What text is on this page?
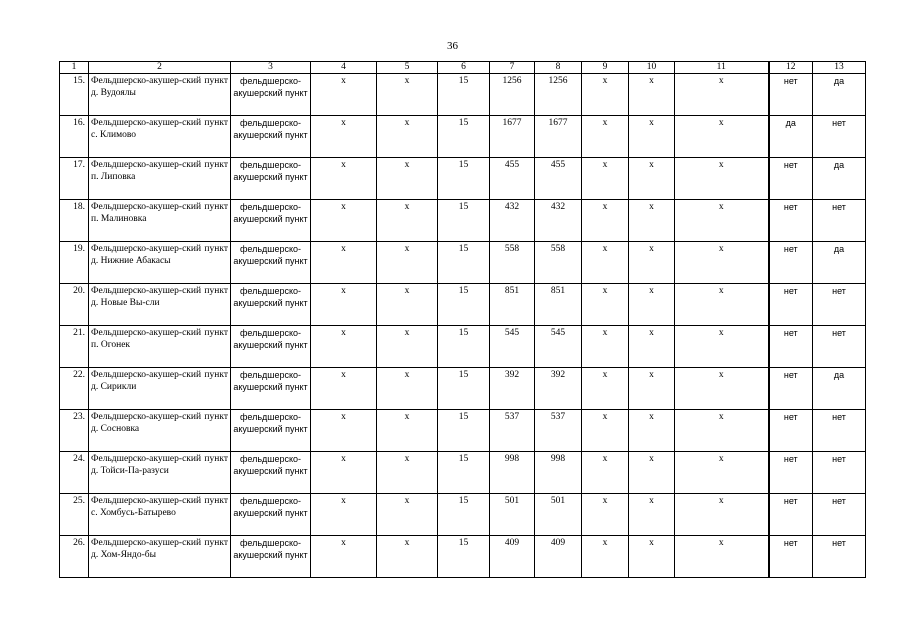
36
1	2	3	4	5	6	7	8	9	10	11	12	13

15.	Фельдшерско-акушер-ский пункт д. Вудоялы	фельдшерско-акушерский пункт	x	x	15	1256	1256	x	x	x	нет	да

16.	Фельдшерско-акушер-ский пункт с. Климово	фельдшерско-акушерский пункт	x	x	15	1677	1677	x	x	x	да	нет

17.	Фельдшерско-акушер-ский пункт п. Липовка	фельдшерско-акушерский пункт	x	x	15	455	455	x	x	x	нет	да

18.	Фельдшерско-акушер-ский пункт п. Малиновка	фельдшерско-акушерский пункт	x	x	15	432	432	x	x	x	нет	нет

19.	Фельдшерско-акушер-ский пункт д. Нижние Абакасы	фельдшерско-акушерский пункт	x	x	15	558	558	x	x	x	нет	да

20.	Фельдшерско-акушер-ский пункт д. Новые Вы-сли	фельдшерско-акушерский пункт	x	x	15	851	851	x	x	x	нет	нет

21.	Фельдшерско-акушер-ский пункт п. Огонек	фельдшерско-акушерский пункт	x	x	15	545	545	x	x	x	нет	нет

22.	Фельдшерско-акушер-ский пункт д. Сирикли	фельдшерско-акушерский пункт	x	x	15	392	392	x	x	x	нет	да

23.	Фельдшерско-акушер-ский пункт д. Сосновка	фельдшерско-акушерский пункт	x	x	15	537	537	x	x	x	нет	нет

24.	Фельдшерско-акушер-ский пункт д. Тойси-Па-разуси	фельдшерско-акушерский пункт	x	x	15	998	998	x	x	x	нет	нет

25.	Фельдшерско-акушер-ский пункт с. Хомбусь-Батырево	фельдшерско-акушерский пункт	x	x	15	501	501	x	x	x	нет	нет

26.	Фельдшерско-акушер-ский пункт д. Хом-Яндо-бы	фельдшерско-акушерский пункт	x	x	15	409	409	x	x	x	нет	нет
